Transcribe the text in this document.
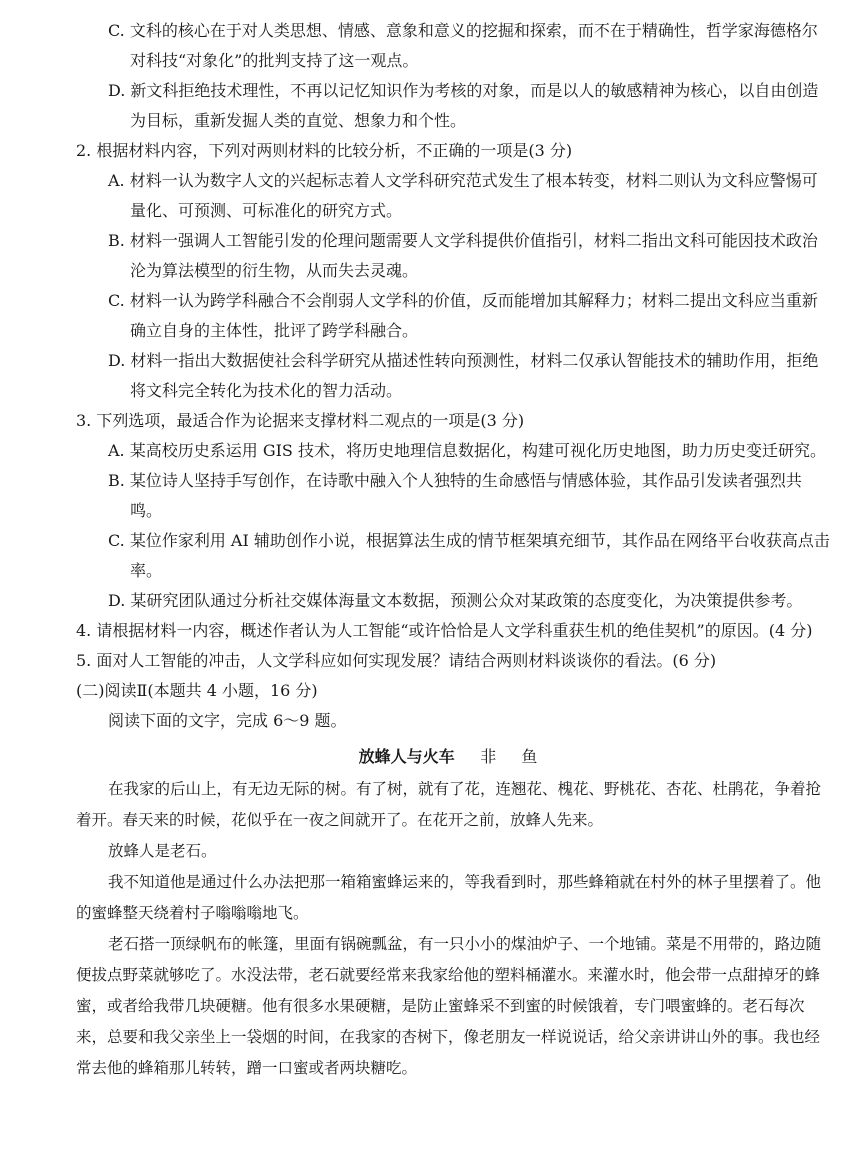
C. 文科的核心在于对人类思想、情感、意象和意义的挖掘和探索，而不在于精确性，哲学家海德格尔对科技“对象化”的批判支持了这一观点。

D. 新文科拒绝技术理性，不再以记忆知识作为考核的对象，而是以人的敏感精神为核心，以自由创造为目标，重新发掘人类的直觉、想象力和个性。

2. 根据材料内容，下列对两则材料的比较分析，不正确的一项是(3 分)

A. 材料一认为数字人文的兴起标志着人文学科研究范式发生了根本转变，材料二则认为文科应警惕可量化、可预测、可标准化的研究方式。

B. 材料一强调人工智能引发的伦理问题需要人文学科提供价值指引，材料二指出文科可能因技术政治沦为算法模型的衍生物，从而失去灵魂。

C. 材料一认为跨学科融合不会削弱人文学科的价值，反而能增加其解释力；材料二提出文科应当重新确立自身的主体性，批评了跨学科融合。

D. 材料一指出大数据使社会科学研究从描述性转向预测性，材料二仅承认智能技术的辅助作用，拒绝将文科完全转化为技术化的智力活动。

3. 下列选项，最适合作为论据来支撑材料二观点的一项是(3 分)

A. 某高校历史系运用 GIS 技术，将历史地理信息数据化，构建可视化历史地图，助力历史变迁研究。

B. 某位诗人坚持手写创作，在诗歌中融入个人独特的生命感悟与情感体验，其作品引发读者强烈共鸣。

C. 某位作家利用 AI 辅助创作小说，根据算法生成的情节框架填充细节，其作品在网络平台收获高点击率。

D. 某研究团队通过分析社交媒体海量文本数据，预测公众对某政策的态度变化，为决策提供参考。

4. 请根据材料一内容，概述作者认为人工智能“或许恰恰是人文学科重获生机的绝佳契机”的原因。(4 分)

5. 面对人工智能的冲击，人文学科应如何实现发展？请结合两则材料谈谈你的看法。(6 分)

(二)阅读Ⅱ(本题共 4 小题，16 分)

阅读下面的文字，完成 6～9 题。

放蜂人与火车 非 鱼

在我家的后山上，有无边无际的树。有了树，就有了花，连翘花、槐花、野桃花、杏花、杜鹃花，争着抢着开。春天来的时候，花似乎在一夜之间就开了。在花开之前，放蜂人先来。

放蜂人是老石。

我不知道他是通过什么办法把那一箱箱蜜蜂运来的，等我看到时，那些蜂箱就在村外的林子里摆着了。他的蜜蜂整天绕着村子嗡嗡嗡地飞。

老石搭一顶绿帆布的帐篷，里面有锅碗瓢盆，有一只小小的煤油炉子、一个地铺。菜是不用带的，路边随便拔点野菜就够吃了。水没法带，老石就要经常来我家给他的塑料桶灌水。来灌水时，他会带一点甜掉牙的蜂蜜，或者给我带几块硬糖。他有很多水果硬糖，是防止蜜蜂采不到蜜的时候饿着，专门喂蜜蜂的。老石每次来，总要和我父亲坐上一袋烟的时间，在我家的杏树下，像老朋友一样说说话，给父亲讲讲山外的事。我也经常去他的蜂箱那儿转转，蹭一口蜜或者两块糖吃。
